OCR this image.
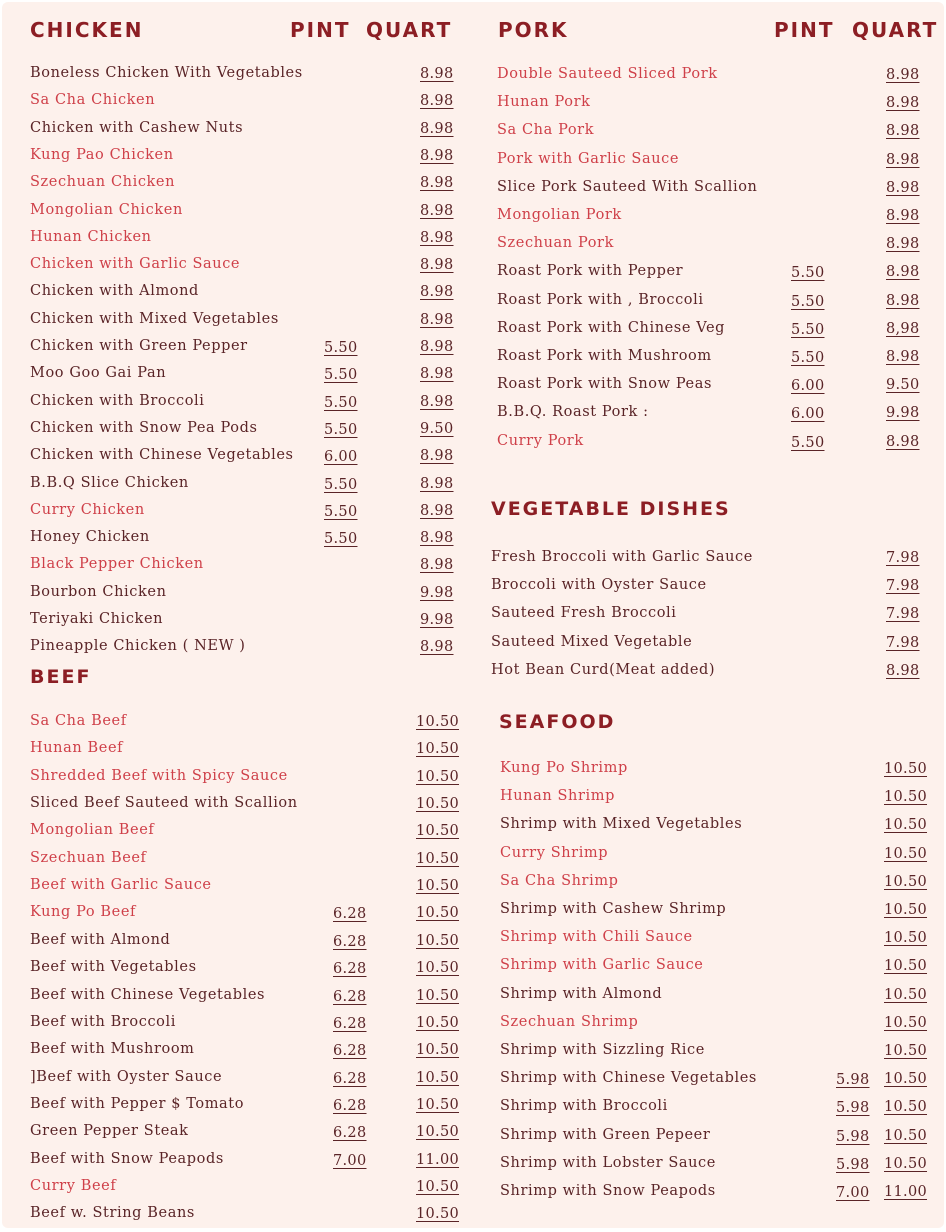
CHICKEN	PINT QUART
BEEF
PORK	PINT QUART
VEGETABLE DISHES
SEAFOOD
Boneless Chicken With Vegetables	8.98
Sa Cha Chicken	8.98
Chicken with Cashew Nuts	8.98
Kung Pao Chicken	8.98
Szechuan Chicken	8.98
Mongolian Chicken	8.98
Hunan Chicken	8.98
Chicken with Garlic Sauce	8.98
Chicken with Almond	8.98
Chicken with Mixed Vegetables	8.98
Chicken with Green Pepper	5.50	8.98
Moo Goo Gai Pan	5.50	8.98
Chicken with Broccoli	5.50	8.98
Chicken with Snow Pea Pods	5.50	9.50
Chicken with Chinese Vegetables 6.00	8.98
B.B.Q Slice Chicken	5.50	8.98
Curry Chicken	5.50	8.98
Honey Chicken	5.50	8.98
Black Pepper Chicken	8.98
Bourbon Chicken	9.98
Teriyaki Chicken	9.98
Pineapple Chicken ( NEW )	8.98
Sa Cha Beef	10.50
Hunan Beef	10.50
Shredded Beef with Spicy Sauce	10.50
Sliced Beef Sauteed with Scallion	10.50
Mongolian Beef	10.50
Szechuan Beef	10.50
Beef with Garlic Sauce	10.50
Kung Po Beef	6.28	10.50
Beef with Almond	6.28	10.50
Beef with Vegetables	6.28	10.50
Beef with Chinese Vegetables	6.28	10.50
Beef with Broccoli	6.28	10.50
Beef with Mushroom	6.28	10.50
]Beef with Oyster Sauce	6.28	10.50
Beef with Pepper $ Tomato	6.28	10.50
Green Pepper Steak	6.28	10.50
Beef with Snow Peapods	7.00	11.00
Curry Beef	10.50
Beef w. String Beans	10.50
Double Sauteed Sliced Pork	8.98
Hunan Pork	8.98
Sa Cha Pork	8.98
Pork with Garlic Sauce	8.98
Slice Pork Sauteed With Scallion	8.98
Mongolian Pork	8.98
Szechuan Pork	8.98
Roast Pork with Pepper	5.50	8.98
Roast Pork with , Broccoli	5.50	8.98
Roast Pork with Chinese Veg	5.50	8,98
Roast Pork with Mushroom	5.50	8.98
Roast Pork with Snow Peas	6.00	9.50
B.B.Q. Roast Pork :	6.00	9.98
Curry Pork	5.50	8.98
Fresh Broccoli with Garlic Sauce	7.98
Broccoli with Oyster Sauce	7.98
Sauteed Fresh Broccoli	7.98
Sauteed Mixed Vegetable	7.98
Hot Bean Curd(Meat added)	8.98
Kung Po Shrimp	10.50
Hunan Shrimp	10.50
Shrimp with Mixed Vegetables	10.50
Curry Shrimp	10.50
Sa Cha Shrimp	10.50
Shrimp with Cashew Shrimp	10.50
Shrimp with Chili Sauce	10.50
Shrimp with Garlic Sauce	10.50
Shrimp with Almond	10.50
Szechuan Shrimp	10.50
Shrimp with Sizzling Rice	10.50
Shrimp with Chinese Vegetables	5.98 10.50
Shrimp with Broccoli	5.98 10.50
Shrimp with Green Pepeer	5.98 10.50
Shrimp with Lobster Sauce	5.98 10.50
Shrimp with Snow Peapods	7.00 11.00
